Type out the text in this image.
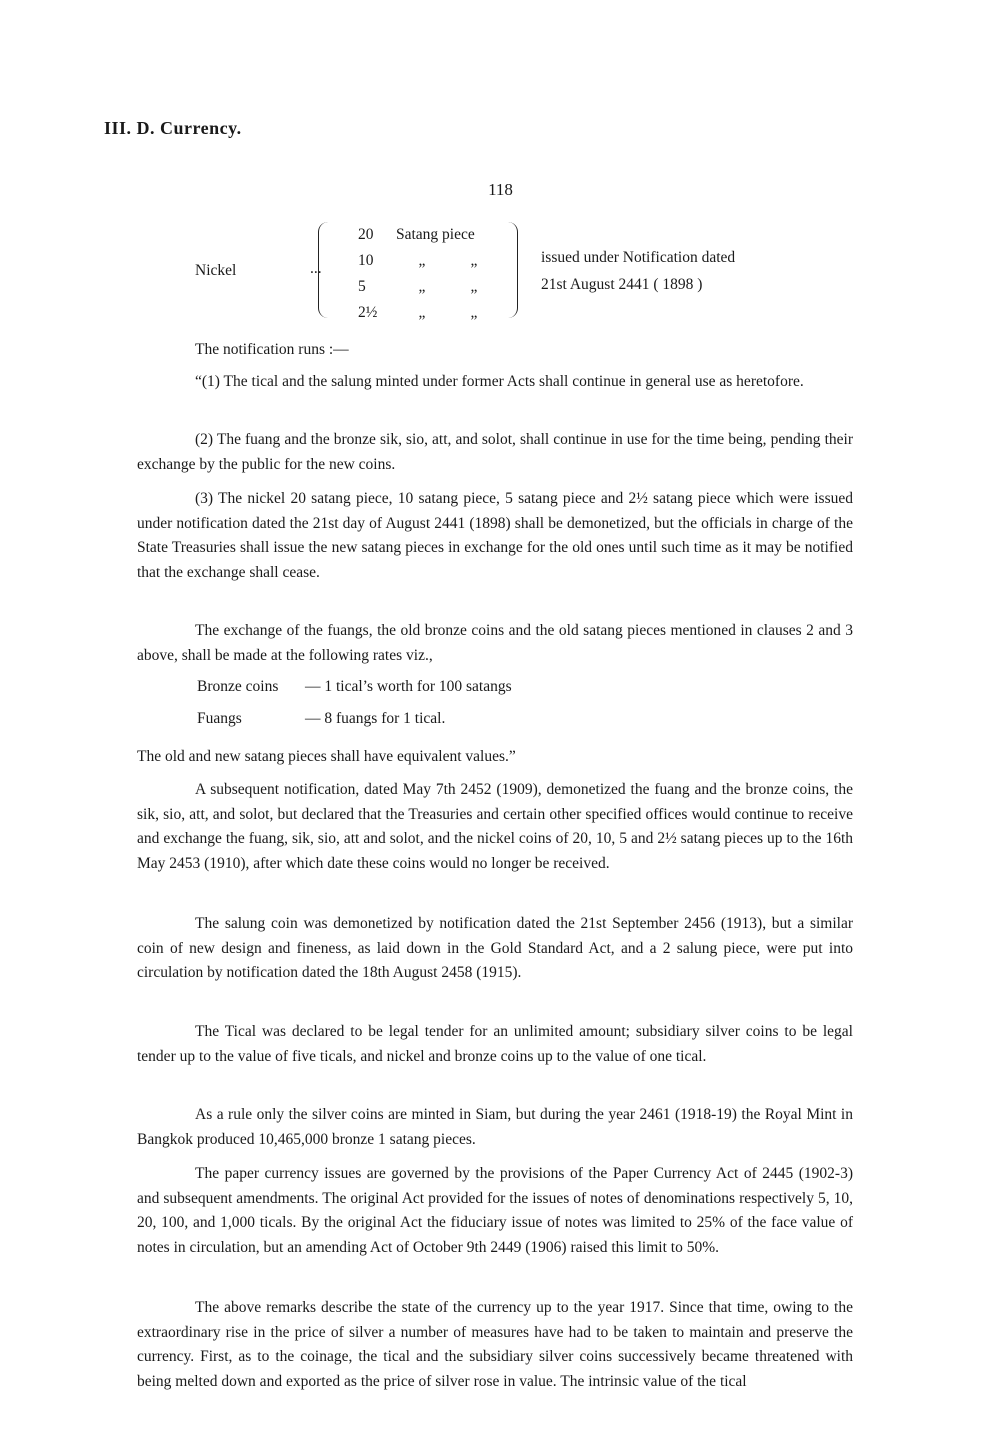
III. D. Currency.
118
Nickel	...
20 Satang piece
10	„	„
5	„	„
2½	„	„
issued under Notification dated
21st August 2441 ( 1898 )

The notification runs :—

“(1) The tical and the salung minted under former Acts shall continue in general use as heretofore.

(2) The fuang and the bronze sik, sio, att, and solot, shall continue in use for the time being, pending their exchange by the public for the new coins.

(3) The nickel 20 satang piece, 10 satang piece, 5 satang piece and 2½ satang piece which were issued under notification dated the 21st day of August 2441 (1898) shall be demonetized, but the officials in charge of the State Treasuries shall issue the new satang pieces in exchange for the old ones until such time as it may be notified that the exchange shall cease.

The exchange of the fuangs, the old bronze coins and the old satang pieces mentioned in clauses 2 and 3 above, shall be made at the following rates viz.,

Bronze coins — 1 tical’s worth for 100 satangs
Fuangs	— 8 fuangs for 1 tical.

The old and new satang pieces shall have equivalent values.”

A subsequent notification, dated May 7th 2452 (1909), demonetized the fuang and the bronze coins, the sik, sio, att, and solot, but declared that the Treasuries and certain other specified offices would continue to receive and exchange the fuang, sik, sio, att and solot, and the nickel coins of 20, 10, 5 and 2½ satang pieces up to the 16th May 2453 (1910), after which date these coins would no longer be received.

The salung coin was demonetized by notification dated the 21st September 2456 (1913), but a similar coin of new design and fineness, as laid down in the Gold Standard Act, and a 2 salung piece, were put into circulation by notification dated the 18th August 2458 (1915).

The Tical was declared to be legal tender for an unlimited amount; subsidiary silver coins to be legal tender up to the value of five ticals, and nickel and bronze coins up to the value of one tical.

As a rule only the silver coins are minted in Siam, but during the year 2461 (1918-19) the Royal Mint in Bangkok produced 10,465,000 bronze 1 satang pieces.

The paper currency issues are governed by the provisions of the Paper Currency Act of 2445 (1902-3) and subsequent amendments. The original Act provided for the issues of notes of denominations respectively 5, 10, 20, 100, and 1,000 ticals. By the original Act the fiduciary issue of notes was limited to 25% of the face value of notes in circulation, but an amending Act of October 9th 2449 (1906) raised this limit to 50%.

The above remarks describe the state of the currency up to the year 1917. Since that time, owing to the extraordinary rise in the price of silver a number of measures have had to be taken to maintain and preserve the currency. First, as to the coinage, the tical and the subsidiary silver coins successively became threatened with being melted down and exported as the price of silver rose in value. The intrinsic value of the tical
